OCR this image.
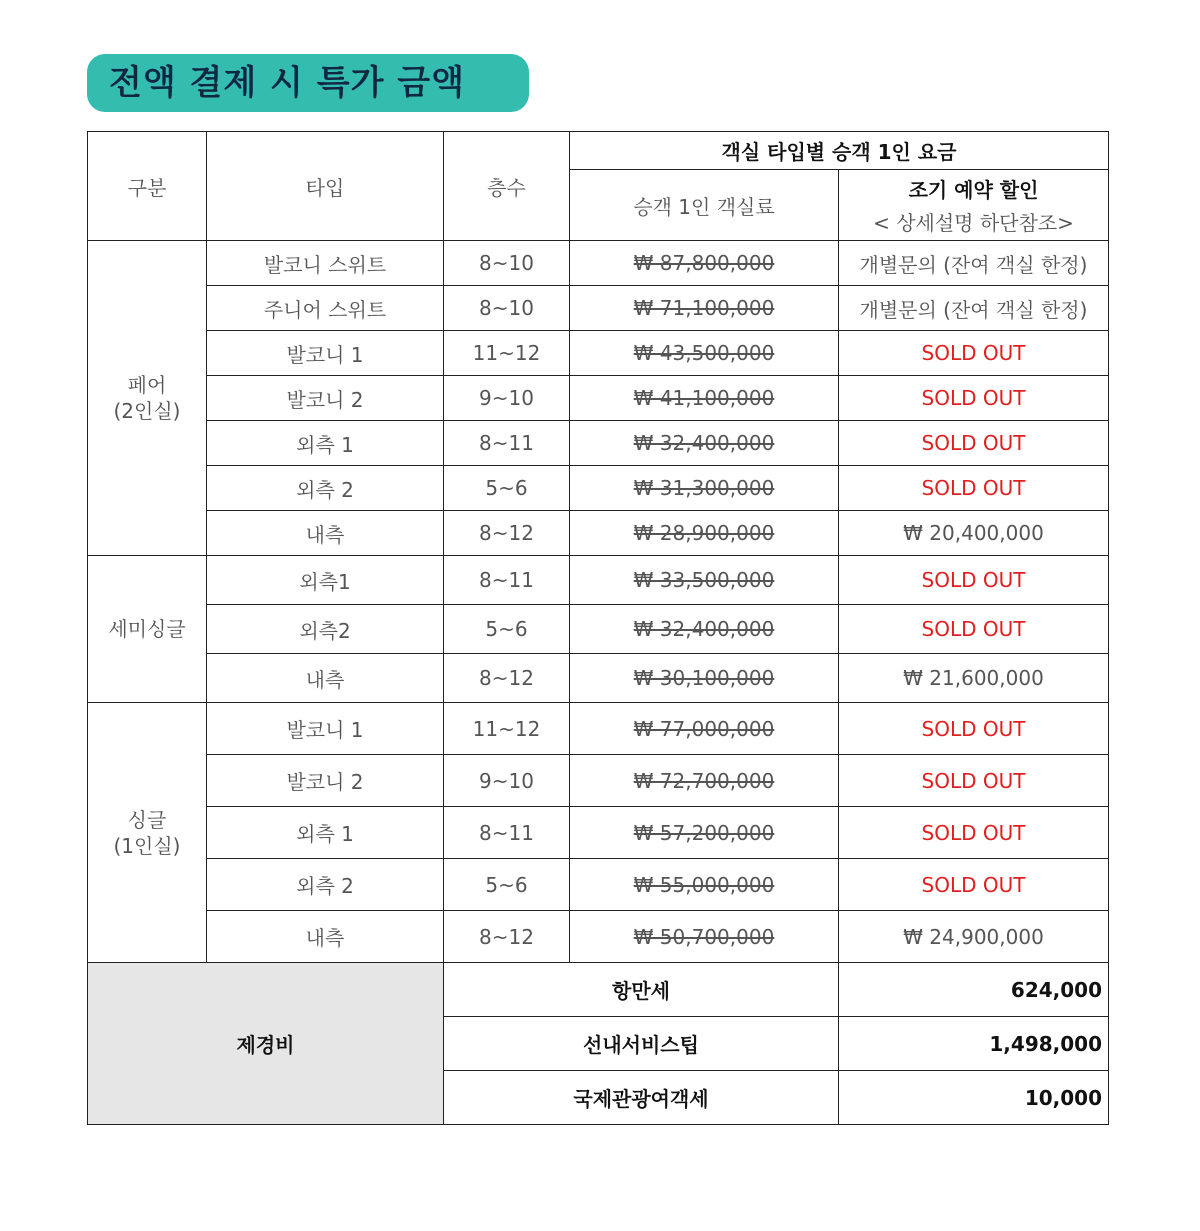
전액 결제 시 특가 금액
구분	타입	층수	객실 타입별 승객 1인 요금	
			승객 1인 객실료	조기 예약 할인
< 상세설명 하단참조>

페어
(2인실)	발코니 스위트	8~10	₩ 87,800,000	개별문의 (잔여 객실 한정)
	주니어 스위트	8~10	₩ 71,100,000	개별문의 (잔여 객실 한정)
	발코니 1	11~12	₩ 43,500,000	SOLD OUT
	발코니 2	9~10	₩ 41,100,000	SOLD OUT
	외측 1	8~11	₩ 32,400,000	SOLD OUT
	외측 2	5~6	₩ 31,300,000	SOLD OUT
	내측	8~12	₩ 28,900,000	₩ 20,400,000
세미싱글	외측1	8~11	₩ 33,500,000	SOLD OUT
	외측2	5~6	₩ 32,400,000	SOLD OUT
	내측	8~12	₩ 30,100,000	₩ 21,600,000
싱글
(1인실)	발코니 1	11~12	₩ 77,000,000	SOLD OUT
	발코니 2	9~10	₩ 72,700,000	SOLD OUT
	외측 1	8~11	₩ 57,200,000	SOLD OUT
	외측 2	5~6	₩ 55,000,000	SOLD OUT
	내측	8~12	₩ 50,700,000	₩ 24,900,000
제경비		항만세		624,000
		선내서비스팁		1,498,000
		국제관광여객세		10,000
